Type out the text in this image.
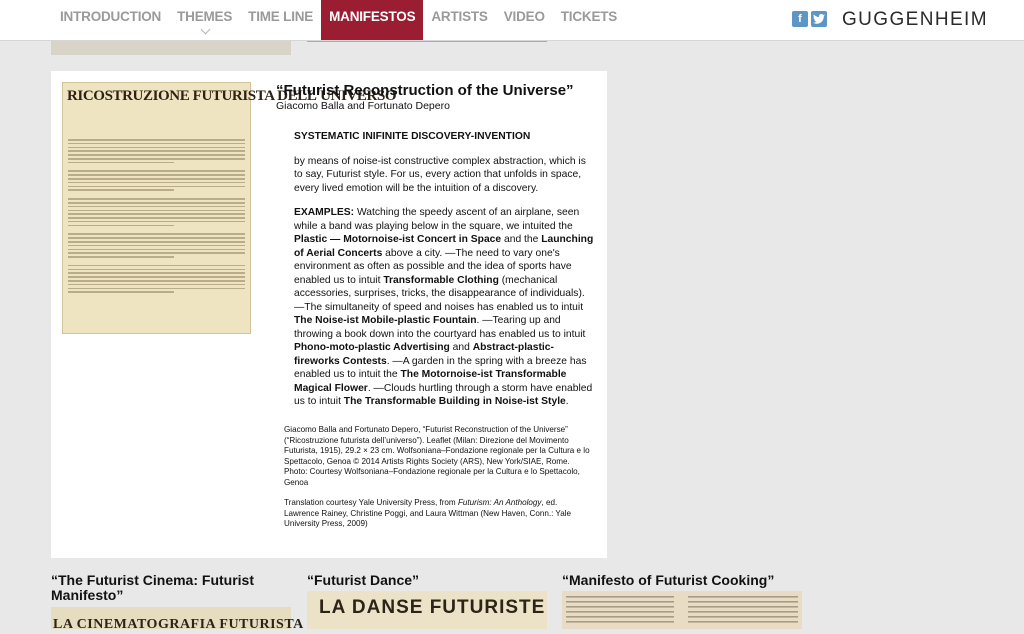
INTRODUCTION	THEMES	TIME LINE	MANIFESTOS	ARTISTS	VIDEO	TICKETS	f	GUGGENHEIM
RICOSTRUZIONE FUTURISTA DELL'UNIVERSO
“Futurist Reconstruction of the Universe”
Giacomo Balla and Fortunato Depero

SYSTEMATIC INIFINITE DISCOVERY-INVENTION

by means of noise-ist constructive complex abstraction, which is to say, Futurist style. For us, every action that unfolds in space, every lived emotion will be the intuition of a discovery.

EXAMPLES: Watching the speedy ascent of an airplane, seen while a band was playing below in the square, we intuited the Plastic — Motornoise-ist Concert in Space and the Launching of Aerial Concerts above a city. —The need to vary one's environment as often as possible and the idea of sports have enabled us to intuit Transformable Clothing (mechanical accessories, surprises, tricks, the disappearance of individuals). —The simultaneity of speed and noises has enabled us to intuit The Noise-ist Mobile-plastic Fountain. —Tearing up and throwing a book down into the courtyard has enabled us to intuit Phono-moto-plastic Advertising and Abstract-plastic-fireworks Contests. —A garden in the spring with a breeze has enabled us to intuit the The Motornoise-ist Transformable Magical Flower. —Clouds hurtling through a storm have enabled us to intuit The Transformable Building in Noise-ist Style.

Giacomo Balla and Fortunato Depero, “Futurist Reconstruction of the Universe” (“Ricostruzione futurista dell’universo”). Leaflet (Milan: Direzione del Movimento Futurista, 1915), 29.2 × 23 cm. Wolfsoniana–Fondazione regionale per la Cultura e lo Spettacolo, Genoa © 2014 Artists Rights Society (ARS), New York/SIAE, Rome. Photo: Courtesy Wolfsoniana–Fondazione regionale per la Cultura e lo Spettacolo, Genoa

Translation courtesy Yale University Press, from Futurism: An Anthology, ed. Lawrence Rainey, Christine Poggi, and Laura Wittman (New Haven, Conn.: Yale University Press, 2009)

“The Futurist Cinema: Futurist Manifesto”
LA CINEMATOGRAFIA FUTURISTA
“Futurist Dance”
LA DANSE FUTURISTE
“Manifesto of Futurist Cooking”
